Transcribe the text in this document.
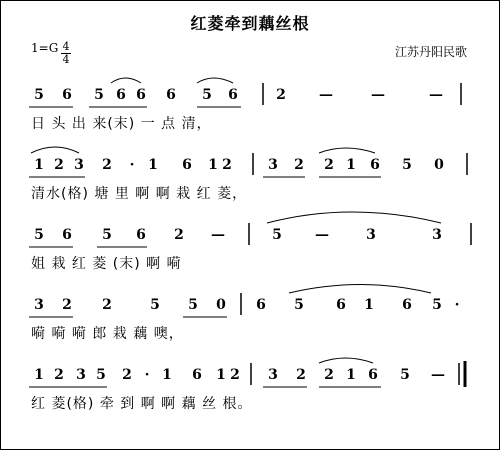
红菱牵到藕丝根
1=G 4
4
江苏丹阳民歌
5 6 5 6 6 6 5 6	2 —	—	—
1 2 3 2 · 1 6 1 2	3 2 2 1 6 5 0
5 6 5 6 2 —	5 —	3	3
3 2 2	5 5 0 6 5 6 1 6 5 ·
1 2 3 5 2 · 1 6 1 2 3 2 2 1 6 5 —
日 头 出 来(末) 一 点 清，
清水(格) 塘 里 啊 啊 栽 红 菱，
姐 栽 红 菱 (末) 啊 嗬
嗬 嗬 嗬 郎 栽 藕 噢，
红 菱(格) 牵 到 啊 啊 藕 丝 根。
